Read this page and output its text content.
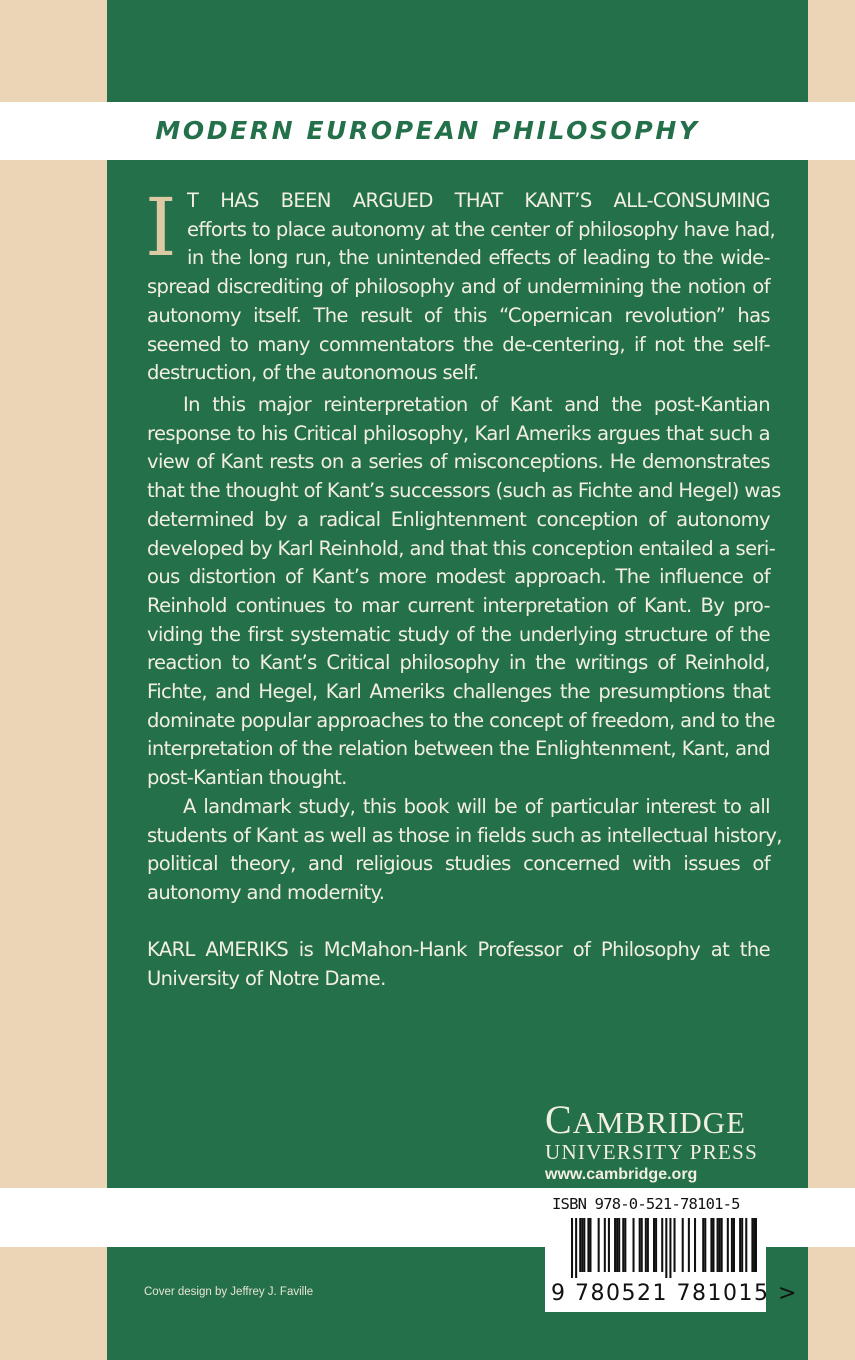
MODERN EUROPEAN PHILOSOPHY
I T HAS BEEN ARGUED THAT KANT’S ALL-CONSUMING
efforts to place autonomy at the center of philosophy have had,
in the long run, the unintended effects of leading to the wide-
spread discrediting of philosophy and of undermining the notion of
autonomy itself. The result of this “Copernican revolution” has
seemed to many commentators the de-centering, if not the self-
destruction, of the autonomous self.
In this major reinterpretation of Kant and the post-Kantian
response to his Critical philosophy, Karl Ameriks argues that such a
view of Kant rests on a series of misconceptions. He demonstrates
that the thought of Kant’s successors (such as Fichte and Hegel) was
determined by a radical Enlightenment conception of autonomy
developed by Karl Reinhold, and that this conception entailed a seri-
ous distortion of Kant’s more modest approach. The influence of
Reinhold continues to mar current interpretation of Kant. By pro-
viding the first systematic study of the underlying structure of the
reaction to Kant’s Critical philosophy in the writings of Reinhold,
Fichte, and Hegel, Karl Ameriks challenges the presumptions that
dominate popular approaches to the concept of freedom, and to the
interpretation of the relation between the Enlightenment, Kant, and
post-Kantian thought.
A landmark study, this book will be of particular interest to all
students of Kant as well as those in fields such as intellectual history,
political theory, and religious studies concerned with issues of
autonomy and modernity.
KARL AMERIKS is McMahon-Hank Professor of Philosophy at the
University of Notre Dame.
CAMBRIDGE
UNIVERSITY PRESS
www.cambridge.org
ISBN 978-0-521-78101-5
9 780521 781015 >
Cover design by Jeffrey J. Faville
